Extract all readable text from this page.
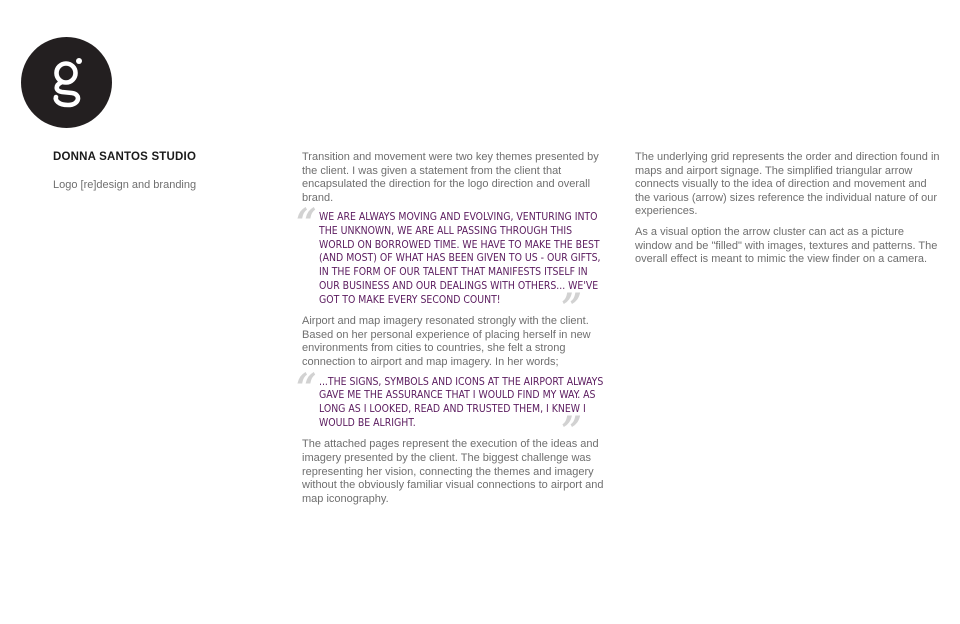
DONNA SANTOS STUDIO
Logo [re]design and branding

Transition and movement were two key themes presented by the client. I was given a statement from the client that encapsulated the direction for the logo direction and overall brand.

“ WE ARE ALWAYS MOVING AND EVOLVING, VENTURING INTO THE UNKNOWN, WE ARE ALL PASSING THROUGH THIS WORLD ON BORROWED TIME. WE HAVE TO MAKE THE BEST (AND MOST) OF WHAT HAS BEEN GIVEN TO US - OUR GIFTS, IN THE FORM OF OUR TALENT THAT MANIFESTS ITSELF IN OUR BUSINESS AND OUR DEALINGS WITH OTHERS... WE'VE GOT TO MAKE EVERY SECOND COUNT!	”

Airport and map imagery resonated strongly with the client. Based on her personal experience of placing herself in new environments from cities to countries, she felt a strong connection to airport and map imagery. In her words;

“ ...THE SIGNS, SYMBOLS AND ICONS AT THE AIRPORT ALWAYS GAVE ME THE ASSURANCE THAT I WOULD FIND MY WAY. AS LONG AS I LOOKED, READ AND TRUSTED THEM, I KNEW I WOULD BE ALRIGHT.	”

The attached pages represent the execution of the ideas and imagery presented by the client. The biggest challenge was representing her vision, connecting the themes and imagery without the obviously familiar visual connections to airport and map iconography.

The underlying grid represents the order and direction found in maps and airport signage. The simplified triangular arrow connects visually to the idea of direction and movement and the various (arrow) sizes reference the individual nature of our experiences.

As a visual option the arrow cluster can act as a picture window and be "filled" with images, textures and patterns. The overall effect is meant to mimic the view finder on a camera.
